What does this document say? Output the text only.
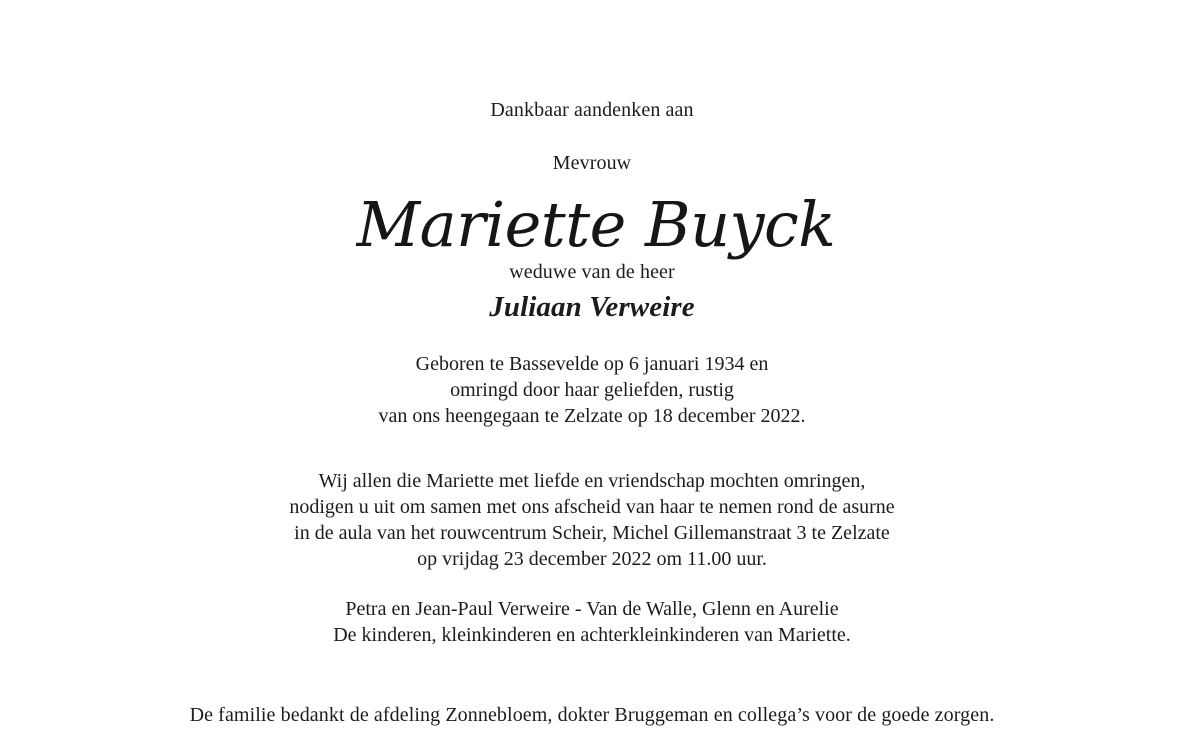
Dankbaar aandenken aan
Mevrouw
Mariette Buyck
weduwe van de heer
Juliaan Verweire
Geboren te Bassevelde op 6 januari 1934 en
omringd door haar geliefden, rustig
van ons heengegaan te Zelzate op 18 december 2022.
Wij allen die Mariette met liefde en vriendschap mochten omringen,
nodigen u uit om samen met ons afscheid van haar te nemen rond de asurne
in de aula van het rouwcentrum Scheir, Michel Gillemanstraat 3 te Zelzate
op vrijdag 23 december 2022 om 11.00 uur.
Petra en Jean-Paul Verweire - Van de Walle, Glenn en Aurelie
De kinderen, kleinkinderen en achterkleinkinderen van Mariette.
De familie bedankt de afdeling Zonnebloem, dokter Bruggeman en collega’s voor de goede zorgen.
